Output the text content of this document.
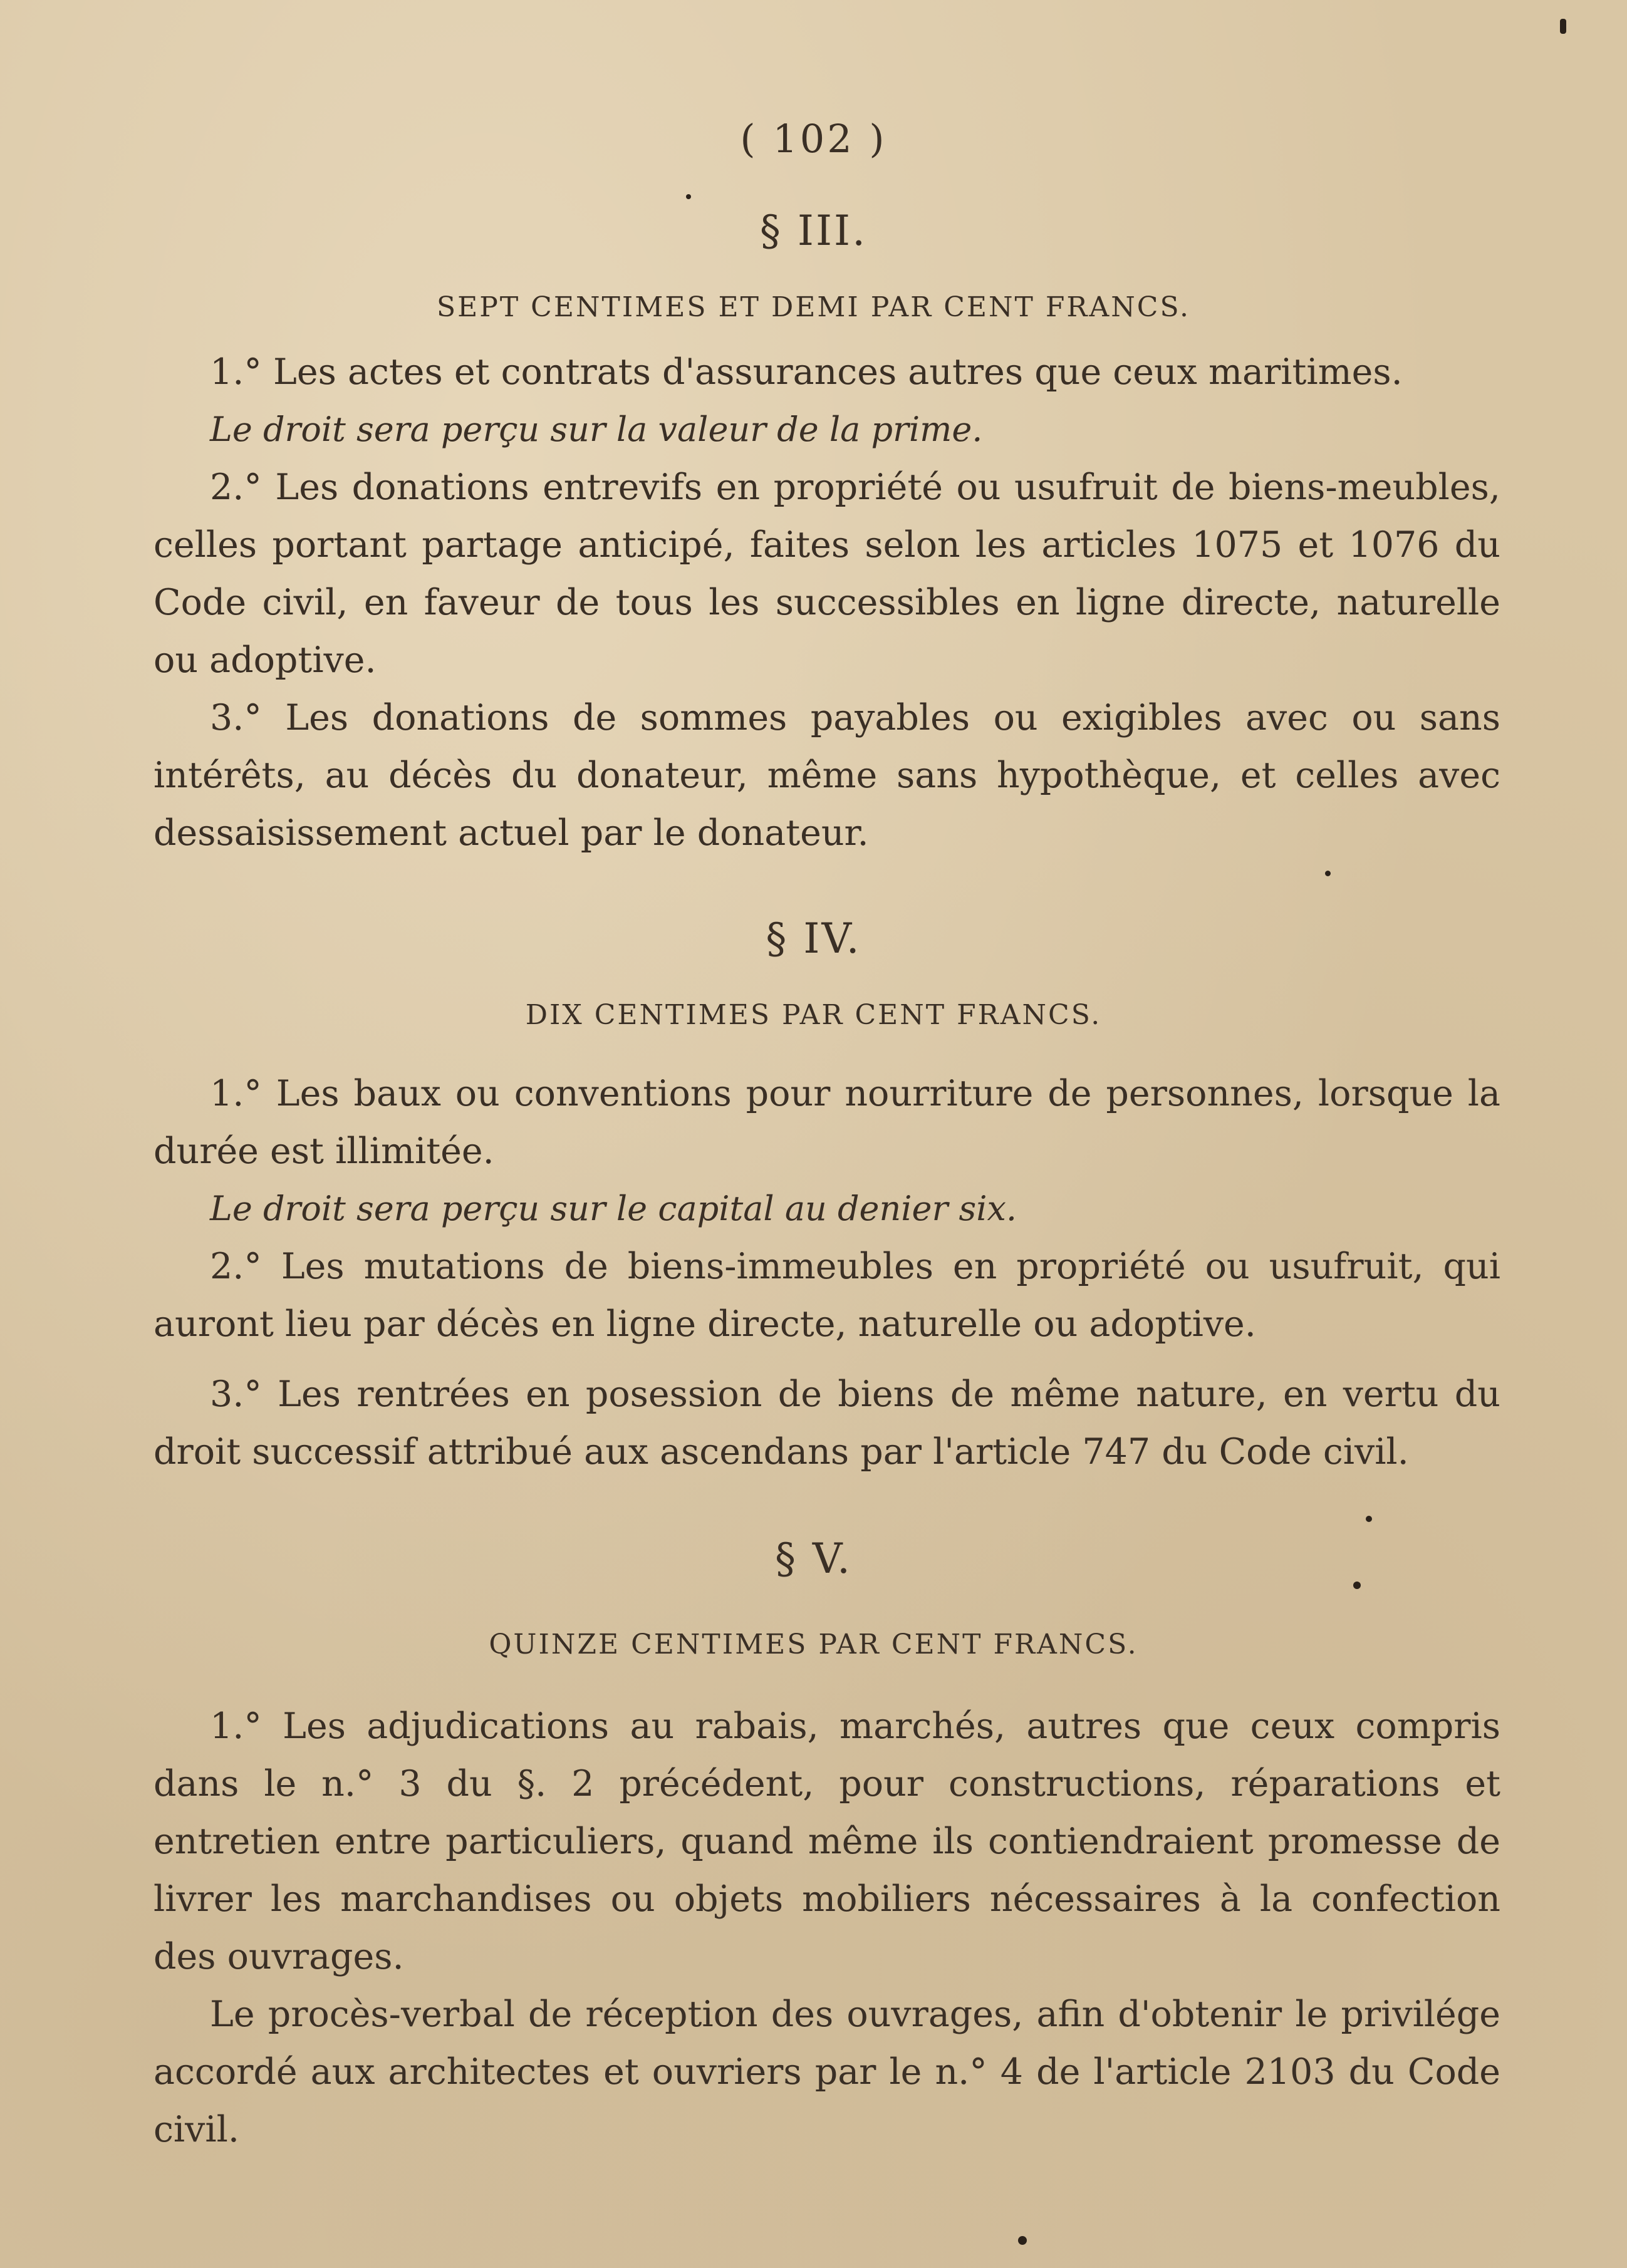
( 102 )
§ III.
SEPT CENTIMES ET DEMI PAR CENT FRANCS.

1.° Les actes et contrats d'assurances autres que ceux maritimes.

Le droit sera perçu sur la valeur de la prime.

2.° Les donations entrevifs en propriété ou usufruit de biens-meubles, celles portant partage anticipé, faites selon les articles 1075 et 1076 du Code civil, en faveur de tous les successibles en ligne directe, naturelle ou adoptive.

3.° Les donations de sommes payables ou exigibles avec ou sans intérêts, au décès du donateur, même sans hypothèque, et celles avec dessaisissement actuel par le donateur.

§ IV.
DIX CENTIMES PAR CENT FRANCS.

1.° Les baux ou conventions pour nourriture de personnes, lorsque la durée est illimitée.

Le droit sera perçu sur le capital au denier six.

2.° Les mutations de biens-immeubles en propriété ou usufruit, qui auront lieu par décès en ligne directe, naturelle ou adoptive.

3.° Les rentrées en posession de biens de même nature, en vertu du droit successif attribué aux ascendans par l'article 747 du Code civil.

§ V.
QUINZE CENTIMES PAR CENT FRANCS.

1.° Les adjudications au rabais, marchés, autres que ceux compris dans le n.° 3 du §. 2 précédent, pour constructions, réparations et entretien entre particuliers, quand même ils contiendraient promesse de livrer les marchandises ou objets mobiliers nécessaires à la confection des ouvrages.

Le procès-verbal de réception des ouvrages, afin d'obtenir le privilége accordé aux architectes et ouvriers par le n.° 4 de l'article 2103 du Code civil.
